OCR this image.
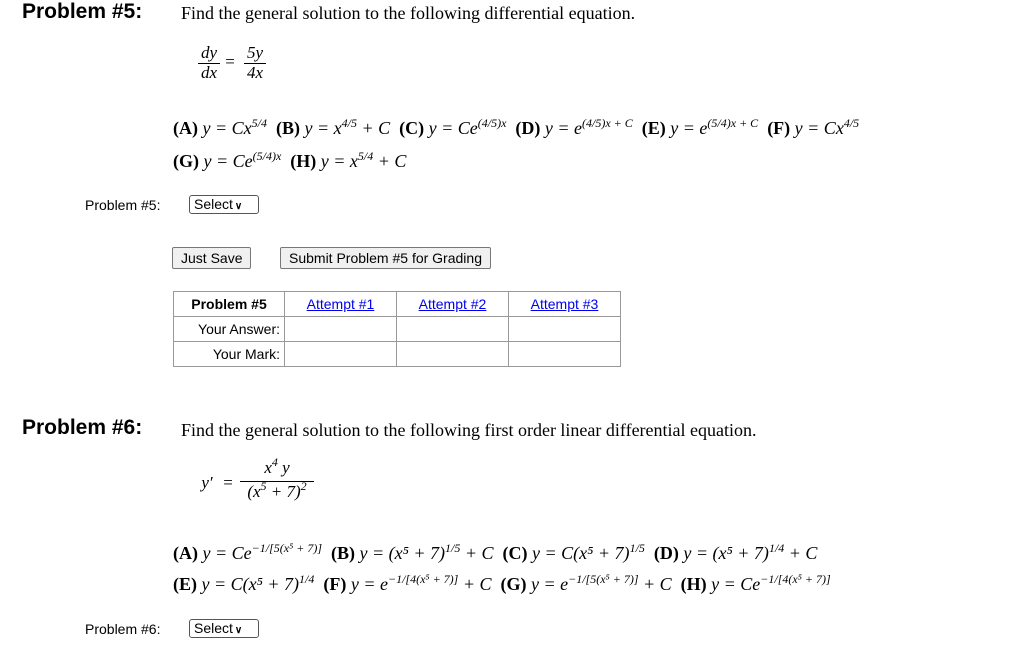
Problem #5: Find the general solution to the following differential equation.
dy
dx
= 5y
4x
(A) $y = Cx^{5/4}$ (B) $y = x^{4/5} + C$ (C) $y = Ce^{(4/5)x}$ (D) $y = e^{(4/5)x + C}$ (E) $y = e^{(5/4)x + C}$ (F) $y = Cx^{4/5}$
(G) $y = Ce^{(5/4)x}$ (H) $y = x^{5/4} + C$
Problem #5:	Select ∨
Just Save	Submit Problem #5 for Grading
Problem #5	Attempt #1	Attempt #2	Attempt #3
Your Answer:			
Your Mark:			
Problem #6: Find the general solution to the following first order linear differential equation.
y′ =
$x^4$ y
$(x^5 + 7)^2$
(A) $y = Ce^{-1/[5(x^5 + 7)]}$ (B) $y = (x^5 + 7)^{1/5} + C$ (C) $y = C(x^5 + 7)^{1/5}$ (D) $y = (x^5 + 7)^{1/4} + C$
(E) $y = C(x^5 + 7)^{1/4}$ (F) $y = e^{-1/[4(x^5 + 7)]} + C$ (G) $y = e^{-1/[5(x^5 + 7)]} + C$ (H) $y = Ce^{-1/[4(x^5 + 7)]}$
Problem #6:	Select ∨
